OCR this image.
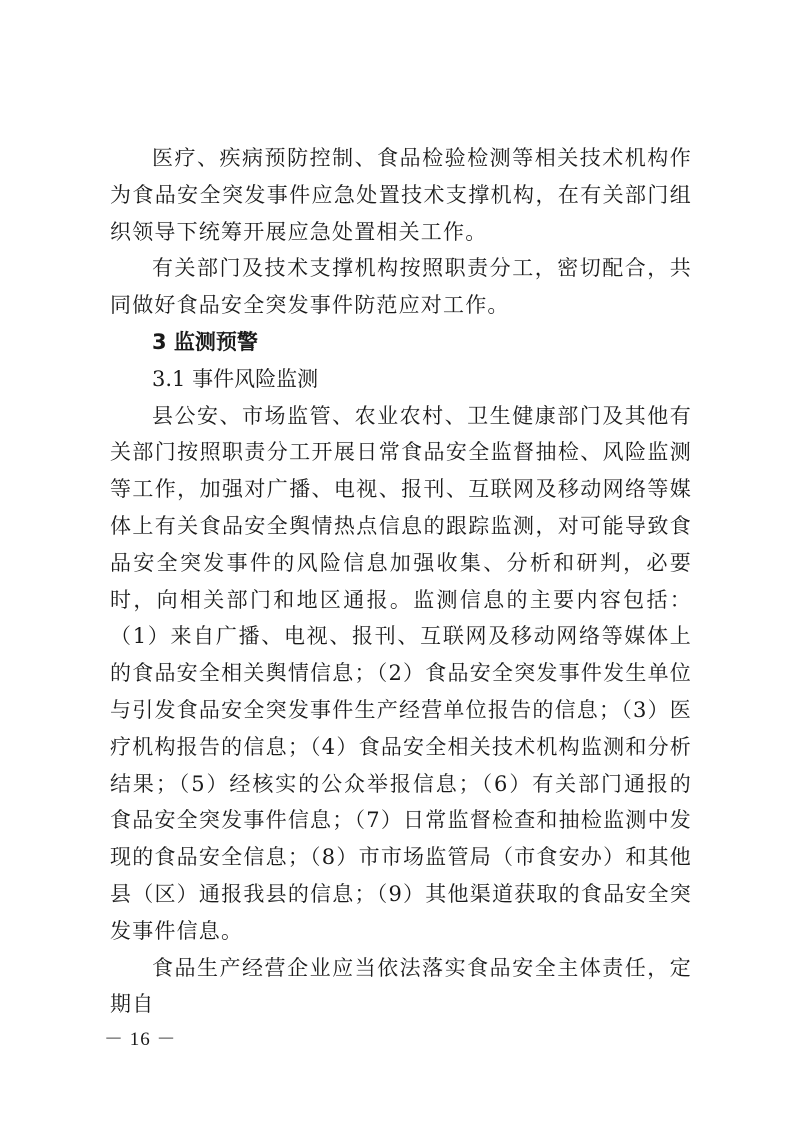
医疗、疾病预防控制、食品检验检测等相关技术机构作为食品安全突发事件应急处置技术支撑机构，在有关部门组织领导下统筹开展应急处置相关工作。

有关部门及技术支撑机构按照职责分工，密切配合，共同做好食品安全突发事件防范应对工作。

3 监测预警

3.1 事件风险监测

县公安、市场监管、农业农村、卫生健康部门及其他有关部门按照职责分工开展日常食品安全监督抽检、风险监测等工作，加强对广播、电视、报刊、互联网及移动网络等媒体上有关食品安全舆情热点信息的跟踪监测，对可能导致食品安全突发事件的风险信息加强收集、分析和研判，必要时，向相关部门和地区通报。监测信息的主要内容包括：（1）来自广播、电视、报刊、互联网及移动网络等媒体上的食品安全相关舆情信息；（2）食品安全突发事件发生单位与引发食品安全突发事件生产经营单位报告的信息；（3）医疗机构报告的信息；（4）食品安全相关技术机构监测和分析结果；（5）经核实的公众举报信息；（6）有关部门通报的食品安全突发事件信息；（7）日常监督检查和抽检监测中发现的食品安全信息；（8）市市场监管局（市食安办）和其他县（区）通报我县的信息；（9）其他渠道获取的食品安全突发事件信息。

食品生产经营企业应当依法落实食品安全主体责任，定期自

－ 16 －
